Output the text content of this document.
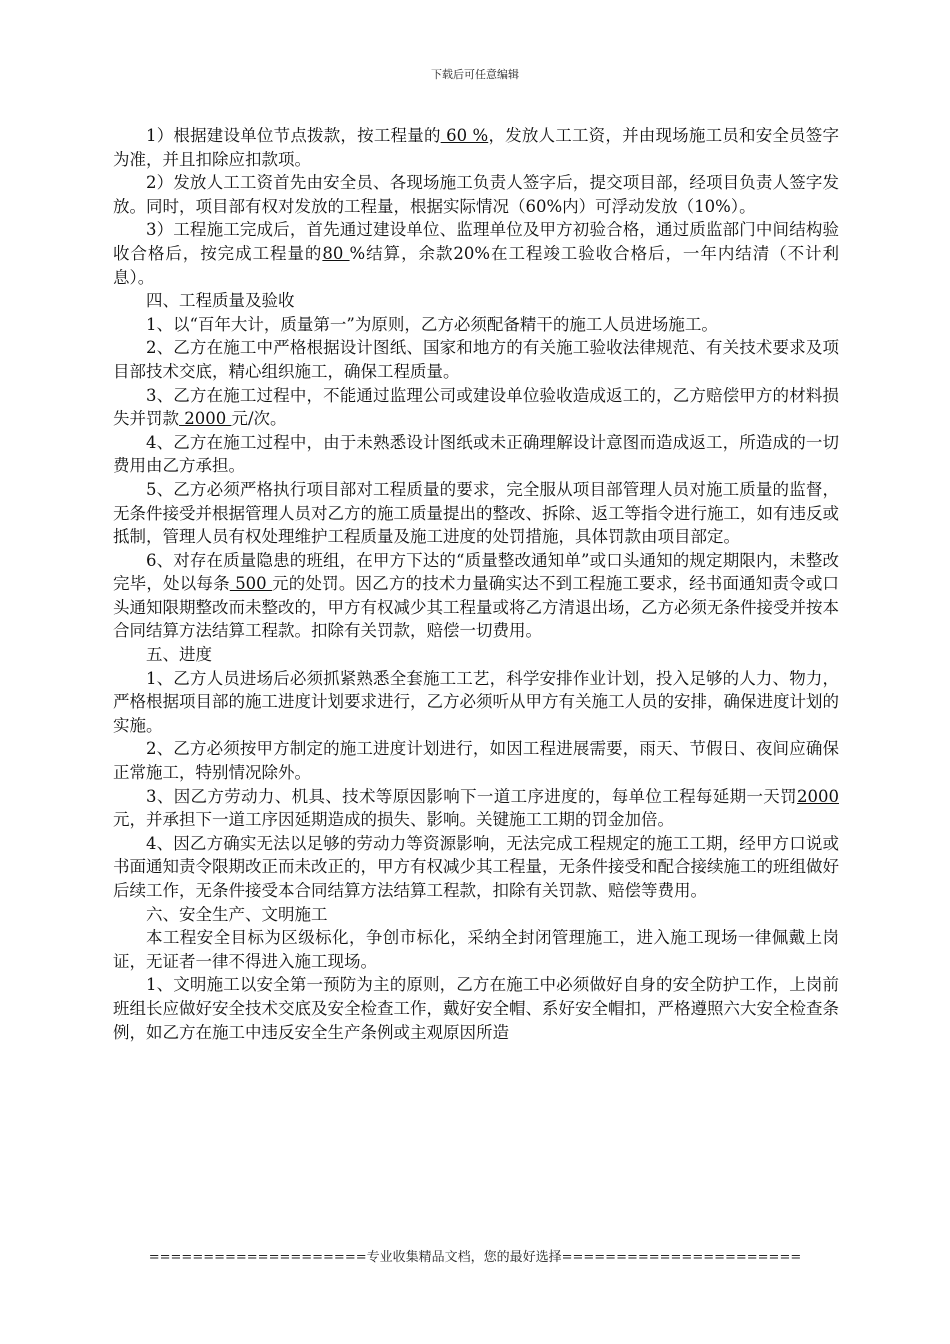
下载后可任意编辑

1）根据建设单位节点拨款，按工程量的 60 %，发放人工工资，并由现场施工员和安全员签字为准，并且扣除应扣款项。

2）发放人工工资首先由安全员、各现场施工负责人签字后，提交项目部，经项目负责人签字发放。同时，项目部有权对发放的工程量，根据实际情况（60%内）可浮动发放（10%）。

3）工程施工完成后，首先通过建设单位、监理单位及甲方初验合格，通过质监部门中间结构验收合格后，按完成工程量的80 %结算，余款20%在工程竣工验收合格后，一年内结清（不计利息）。

四、工程质量及验收

1、以“百年大计，质量第一”为原则，乙方必须配备精干的施工人员进场施工。

2、乙方在施工中严格根据设计图纸、国家和地方的有关施工验收法律规范、有关技术要求及项目部技术交底，精心组织施工，确保工程质量。

3、乙方在施工过程中，不能通过监理公司或建设单位验收造成返工的，乙方赔偿甲方的材料损失并罚款 2000 元/次。

4、乙方在施工过程中，由于未熟悉设计图纸或未正确理解设计意图而造成返工，所造成的一切费用由乙方承担。

5、乙方必须严格执行项目部对工程质量的要求，完全服从项目部管理人员对施工质量的监督，无条件接受并根据管理人员对乙方的施工质量提出的整改、拆除、返工等指令进行施工，如有违反或抵制，管理人员有权处理维护工程质量及施工进度的处罚措施，具体罚款由项目部定。

6、对存在质量隐患的班组，在甲方下达的“质量整改通知单”或口头通知的规定期限内，未整改完毕，处以每条 500 元的处罚。因乙方的技术力量确实达不到工程施工要求，经书面通知责令或口头通知限期整改而未整改的，甲方有权减少其工程量或将乙方清退出场，乙方必须无条件接受并按本合同结算方法结算工程款。扣除有关罚款，赔偿一切费用。

五、进度

1、乙方人员进场后必须抓紧熟悉全套施工工艺，科学安排作业计划，投入足够的人力、物力，严格根据项目部的施工进度计划要求进行，乙方必须听从甲方有关施工人员的安排，确保进度计划的实施。

2、乙方必须按甲方制定的施工进度计划进行，如因工程进展需要，雨天、节假日、夜间应确保正常施工，特别情况除外。

3、因乙方劳动力、机具、技术等原因影响下一道工序进度的，每单位工程每延期一天罚2000元，并承担下一道工序因延期造成的损失、影响。关键施工工期的罚金加倍。

4、因乙方确实无法以足够的劳动力等资源影响，无法完成工程规定的施工工期，经甲方口说或书面通知责令限期改正而未改正的，甲方有权减少其工程量，无条件接受和配合接续施工的班组做好后续工作，无条件接受本合同结算方法结算工程款，扣除有关罚款、赔偿等费用。

六、安全生产、文明施工

本工程安全目标为区级标化，争创市标化，采纳全封闭管理施工，进入施工现场一律佩戴上岗证，无证者一律不得进入施工现场。

1、文明施工以安全第一预防为主的原则，乙方在施工中必须做好自身的安全防护工作，上岗前班组长应做好安全技术交底及安全检查工作，戴好安全帽、系好安全帽扣，严格遵照六大安全检查条例，如乙方在施工中违反安全生产条例或主观原因所造

====================专业收集精品文档，您的最好选择======================
